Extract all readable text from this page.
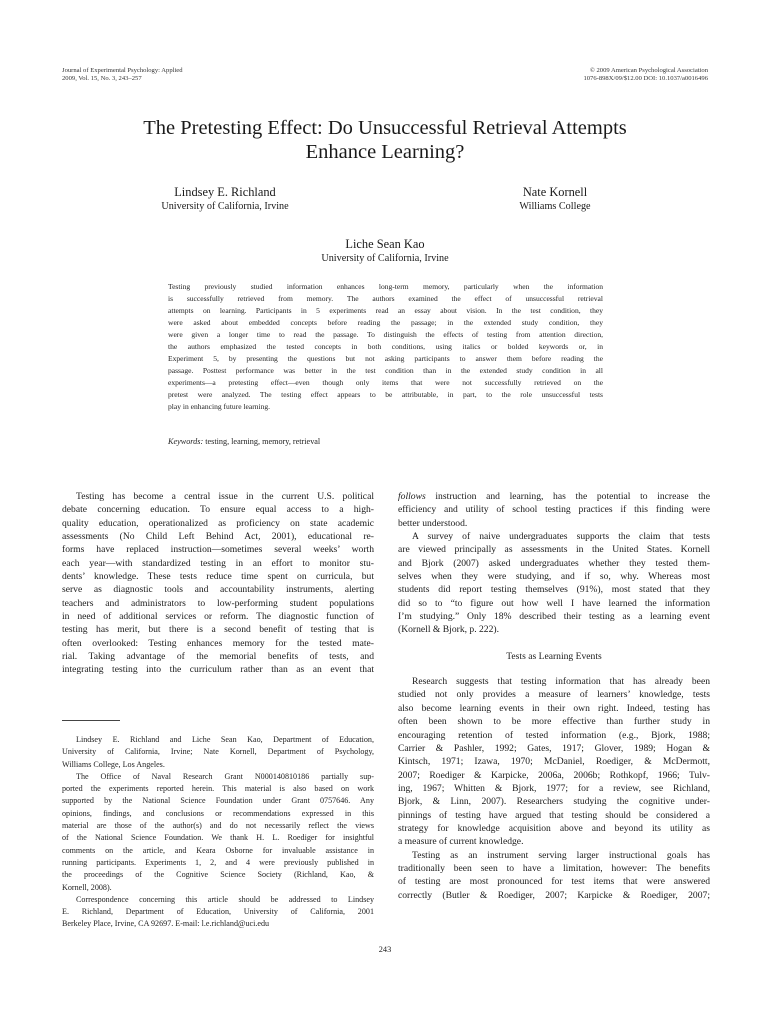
Journal of Experimental Psychology: Applied
2009, Vol. 15, No. 3, 243–257
© 2009 American Psychological Association
1076-898X/09/$12.00 DOI: 10.1037/a0016496
The Pretesting Effect: Do Unsuccessful Retrieval Attempts
Enhance Learning?
Lindsey E. Richland
University of California, Irvine
Nate Kornell
Williams College
Liche Sean Kao
University of California, Irvine
Testing previously studied information enhances long-term memory, particularly when the information
is successfully retrieved from memory. The authors examined the effect of unsuccessful retrieval
attempts on learning. Participants in 5 experiments read an essay about vision. In the test condition, they
were asked about embedded concepts before reading the passage; in the extended study condition, they
were given a longer time to read the passage. To distinguish the effects of testing from attention direction,
the authors emphasized the tested concepts in both conditions, using italics or bolded keywords or, in
Experiment 5, by presenting the questions but not asking participants to answer them before reading the
passage. Posttest performance was better in the test condition than in the extended study condition in all
experiments—a pretesting effect—even though only items that were not successfully retrieved on the
pretest were analyzed. The testing effect appears to be attributable, in part, to the role unsuccessful tests
play in enhancing future learning.
Keywords: testing, learning, memory, retrieval
Testing has become a central issue in the current U.S. political
debate concerning education. To ensure equal access to a high-
quality education, operationalized as proficiency on state academic
assessments (No Child Left Behind Act, 2001), educational re-
forms have replaced instruction—sometimes several weeks’ worth
each year—with standardized testing in an effort to monitor stu-
dents’ knowledge. These tests reduce time spent on curricula, but
serve as diagnostic tools and accountability instruments, alerting
teachers and administrators to low-performing student populations
in need of additional services or reform. The diagnostic function of
testing has merit, but there is a second benefit of testing that is
often overlooked: Testing enhances memory for the tested mate-
rial. Taking advantage of the memorial benefits of tests, and
integrating testing into the curriculum rather than as an event that
Lindsey E. Richland and Liche Sean Kao, Department of Education,
University of California, Irvine; Nate Kornell, Department of Psychology,
Williams College, Los Angeles.
The Office of Naval Research Grant N000140810186 partially sup-
ported the experiments reported herein. This material is also based on work
supported by the National Science Foundation under Grant 0757646. Any
opinions, findings, and conclusions or recommendations expressed in this
material are those of the author(s) and do not necessarily reflect the views
of the National Science Foundation. We thank H. L. Roediger for insightful
comments on the article, and Keara Osborne for invaluable assistance in
running participants. Experiments 1, 2, and 4 were previously published in
the proceedings of the Cognitive Science Society (Richland, Kao, &
Kornell, 2008).
Correspondence concerning this article should be addressed to Lindsey
E. Richland, Department of Education, University of California, 2001
Berkeley Place, Irvine, CA 92697. E-mail: l.e.richland@uci.edu
follows instruction and learning, has the potential to increase the
efficiency and utility of school testing practices if this finding were
better understood.
A survey of naive undergraduates supports the claim that tests
are viewed principally as assessments in the United States. Kornell
and Bjork (2007) asked undergraduates whether they tested them-
selves when they were studying, and if so, why. Whereas most
students did report testing themselves (91%), most stated that they
did so to “to figure out how well I have learned the information
I’m studying.” Only 18% described their testing as a learning event
(Kornell & Bjork, p. 222).
Tests as Learning Events
Research suggests that testing information that has already been
studied not only provides a measure of learners’ knowledge, tests
also become learning events in their own right. Indeed, testing has
often been shown to be more effective than further study in
encouraging retention of tested information (e.g., Bjork, 1988;
Carrier & Pashler, 1992; Gates, 1917; Glover, 1989; Hogan &
Kintsch, 1971; Izawa, 1970; McDaniel, Roediger, & McDermott,
2007; Roediger & Karpicke, 2006a, 2006b; Rothkopf, 1966; Tulv-
ing, 1967; Whitten & Bjork, 1977; for a review, see Richland,
Bjork, & Linn, 2007). Researchers studying the cognitive under-
pinnings of testing have argued that testing should be considered a
strategy for knowledge acquisition above and beyond its utility as
a measure of current knowledge.
Testing as an instrument serving larger instructional goals has
traditionally been seen to have a limitation, however: The benefits
of testing are most pronounced for test items that were answered
correctly (Butler & Roediger, 2007; Karpicke & Roediger, 2007;
243
